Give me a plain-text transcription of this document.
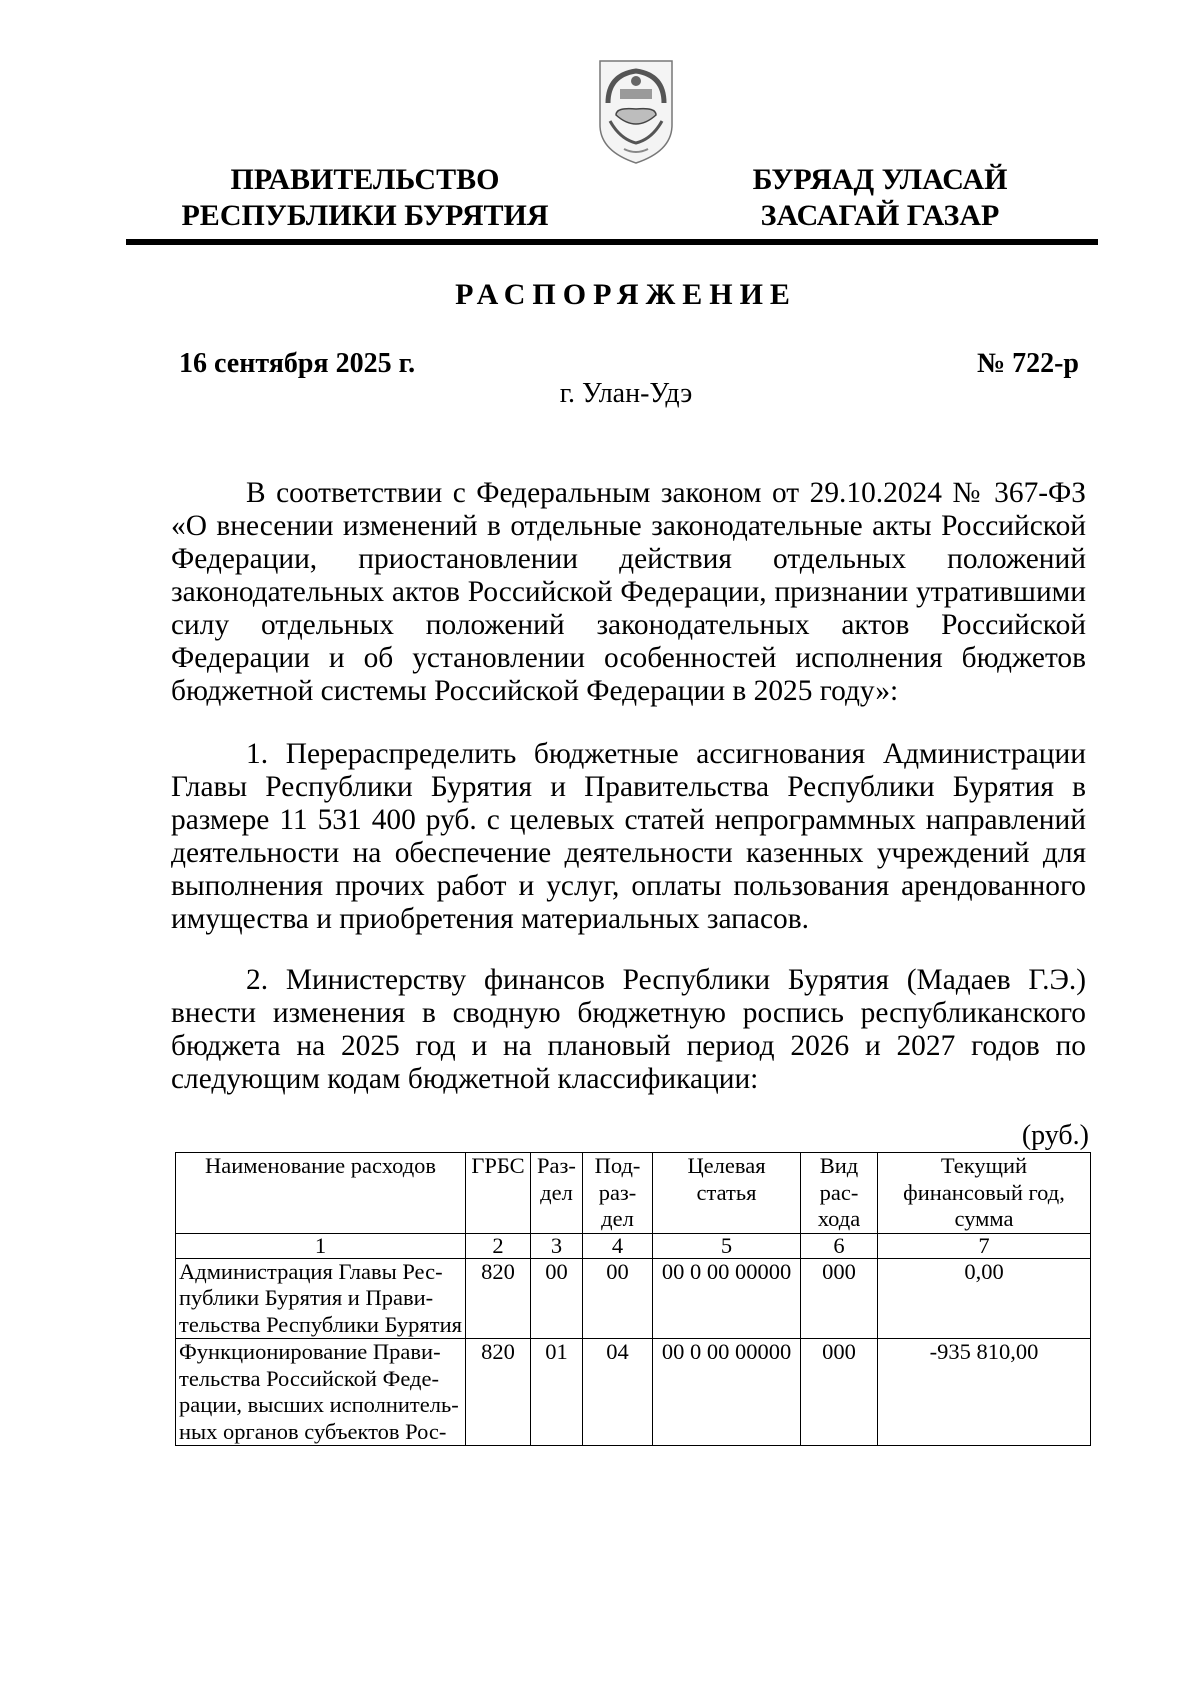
ПРАВИТЕЛЬСТВО
РЕСПУБЛИКИ БУРЯТИЯ
БУРЯАД УЛАСАЙ
ЗАСАГАЙ ГАЗАР
РАСПОРЯЖЕНИЕ
16 сентября 2025 г.	№ 722-р
г. Улан-Удэ

В соответствии с Федеральным законом от 29.10.2024 № 367-ФЗ «О внесении изменений в отдельные законодательные акты Российской Федерации, приостановлении действия отдельных положений законодательных актов Российской Федерации, признании утратившими силу отдельных положений законодательных актов Российской Федерации и об установлении особенностей исполнения бюджетов бюджетной системы Российской Федерации в 2025 году»:

1. Перераспределить бюджетные ассигнования Администрации Главы Республики Бурятия и Правительства Республики Бурятия в размере 11 531 400 руб. с целевых статей непрограммных направлений деятельности на обеспечение деятельности казенных учреждений для выполнения прочих работ и услуг, оплаты пользования арендованного имущества и приобретения материальных запасов.

2. Министерству финансов Республики Бурятия (Мадаев Г.Э.) внести изменения в сводную бюджетную роспись республиканского бюджета на 2025 год и на плановый период 2026 и 2027 годов по следующим кодам бюджетной классификации:

(руб.)
Наименование расходов	ГРБС	Раз-дел	Под-раз-дел	Целевая статья	Вид рас-хода	Текущий финансовый год, сумма
1	2	3	4	5	6	7
Администрация Главы Республики Бурятия и Правительства Республики Бурятия	820	00	00	00 0 00 00000	000	0,00
Функционирование Правительства Российской Федерации, высших исполнительных органов субъектов Рос-	820	01	04	00 0 00 00000	000	-935 810,00
